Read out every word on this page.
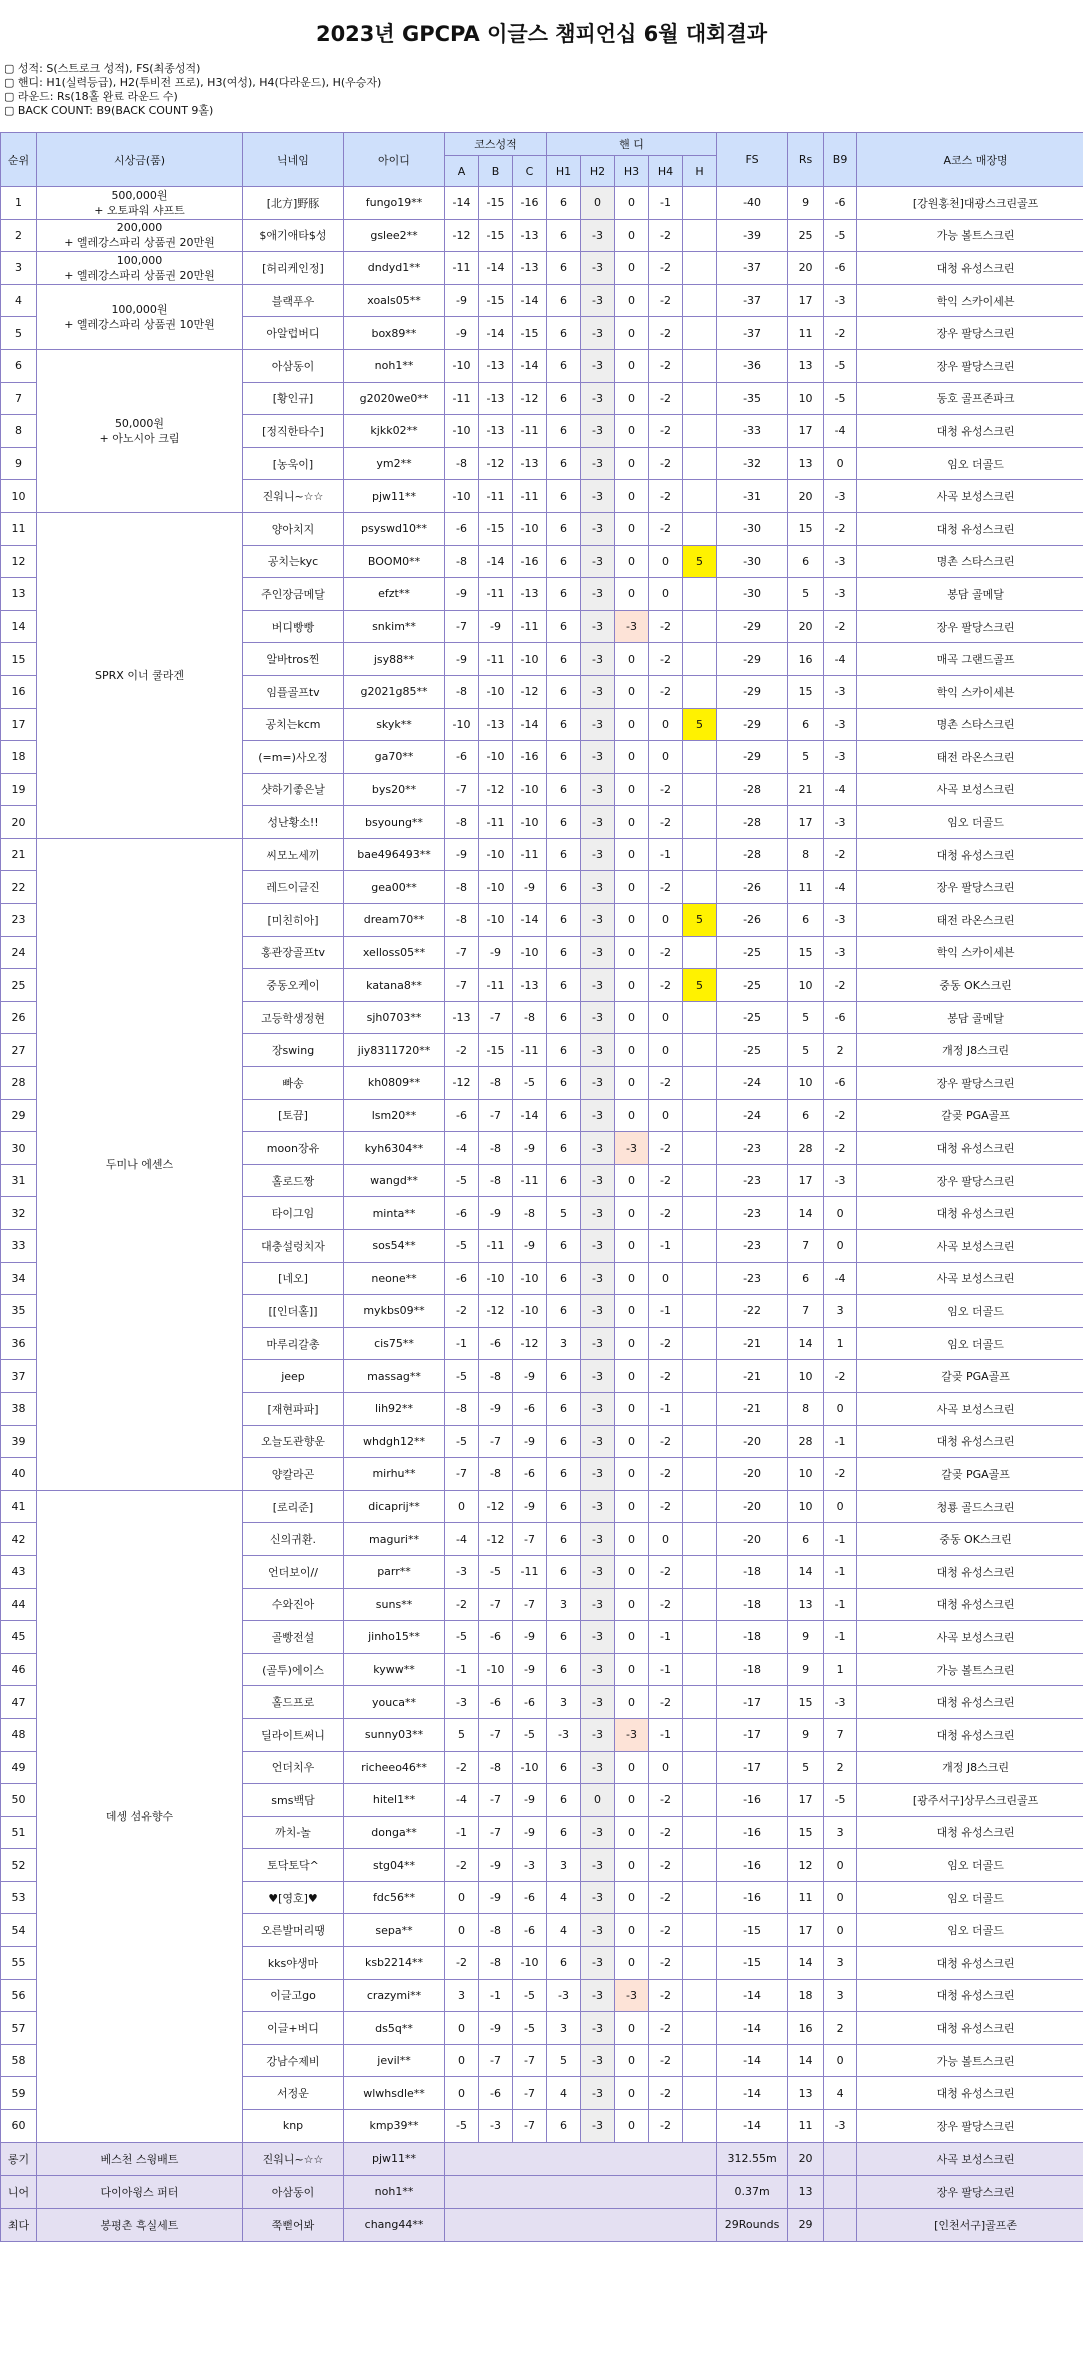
2023년 GPCPA 이글스 챔피언십 6월 대회결과
▢ 성적: S(스트로크 성적), FS(최종성적)
▢ 핸디: H1(실력등급), H2(투비전 프로), H3(여성), H4(다라운드), H(우승자)
▢ 라운드: Rs(18홀 완료 라운드 수)
▢ BACK COUNT: B9(BACK COUNT 9홀)
순위	시상금(품)	닉네임	아이디	코스성적			핸 디					FS	Rs	B9	A코스 매장명
				A	B	C	H1	H2	H3	H4	H				
1	500,000원
+ 오토파워 샤프트	[北方]野豚	fungo19**	-14	-15	-16	6	0	0	-1		-40	9	-6	[강원홍천]대광스크린골프
2	200,000
+ 엘레강스파리 상품권 20만원	$애기애타$성	gslee2**	-12	-15	-13	6	-3	0	-2		-39	25	-5	가능 볼트스크린
3	100,000
+ 엘레강스파리 상품권 20만원	[허리케인정]	dndyd1**	-11	-14	-13	6	-3	0	-2		-37	20	-6	대청 유성스크린
4	100,000원
+ 엘레강스파리 상품권 10만원	블랙푸우	xoals05**	-9	-15	-14	6	-3	0	-2		-37	17	-3	학익 스카이세븐
5		아알럽버디	box89**	-9	-14	-15	6	-3	0	-2		-37	11	-2	장우 팔당스크린
6	50,000원
+ 아노시아 크림	아삼동이	noh1**	-10	-13	-14	6	-3	0	-2		-36	13	-5	장우 팔당스크린
7		[황인규]	g2020we0**	-11	-13	-12	6	-3	0	-2		-35	10	-5	동호 골프존파크
8		[정직한타수]	kjkk02**	-10	-13	-11	6	-3	0	-2		-33	17	-4	대청 유성스크린
9		[농욱이]	ym2**	-8	-12	-13	6	-3	0	-2		-32	13	0	임오 더골드
10		진워니~☆☆	pjw11**	-10	-11	-11	6	-3	0	-2		-31	20	-3	사곡 보성스크린
11	SPRX 이너 쿨라겐	양아치지	psyswd10**	-6	-15	-10	6	-3	0	-2		-30	15	-2	대청 유성스크린
12		공치는kyc	BOOM0**	-8	-14	-16	6	-3	0	0	5	-30	6	-3	명촌 스타스크린
13		주인장금메달	efzt**	-9	-11	-13	6	-3	0	0		-30	5	-3	봉담 골메달
14		버디빵빵	snkim**	-7	-9	-11	6	-3	-3	-2		-29	20	-2	장우 팔당스크린
15		알바tros찐	jsy88**	-9	-11	-10	6	-3	0	-2		-29	16	-4	매곡 그랜드골프
16		임플골프tv	g2021g85**	-8	-10	-12	6	-3	0	-2		-29	15	-3	학익 스카이세븐
17		공치는kcm	skyk**	-10	-13	-14	6	-3	0	0	5	-29	6	-3	명촌 스타스크린
18		(=m=)사오정	ga70**	-6	-10	-16	6	-3	0	0		-29	5	-3	태전 라온스크린
19		샷하기좋은날	bys20**	-7	-12	-10	6	-3	0	-2		-28	21	-4	사곡 보성스크린
20		성난황소!!	bsyoung**	-8	-11	-10	6	-3	0	-2		-28	17	-3	임오 더골드
21	두미나 에센스	씨모노세끼	bae496493**	-9	-10	-11	6	-3	0	-1		-28	8	-2	대청 유성스크린
22		레드이글진	gea00**	-8	-10	-9	6	-3	0	-2		-26	11	-4	장우 팔당스크린
23		[미친히아]	dream70**	-8	-10	-14	6	-3	0	0	5	-26	6	-3	태전 라온스크린
24		홍관장골프tv	xelloss05**	-7	-9	-10	6	-3	0	-2		-25	15	-3	학익 스카이세븐
25		중동오케이	katana8**	-7	-11	-13	6	-3	0	-2	5	-25	10	-2	중동 OK스크린
26		고등학생정현	sjh0703**	-13	-7	-8	6	-3	0	0		-25	5	-6	봉담 골메달
27		장swing	jiy8311720**	-2	-15	-11	6	-3	0	0		-25	5	2	개정 J8스크린
28		빠송	kh0809**	-12	-8	-5	6	-3	0	-2		-24	10	-6	장우 팔당스크린
29		[토끔]	lsm20**	-6	-7	-14	6	-3	0	0		-24	6	-2	갈곶 PGA골프
30		moon장유	kyh6304**	-4	-8	-9	6	-3	-3	-2		-23	28	-2	대청 유성스크린
31		홀로드짱	wangd**	-5	-8	-11	6	-3	0	-2		-23	17	-3	장우 팔당스크린
32		타이그임	minta**	-6	-9	-8	5	-3	0	-2		-23	14	0	대청 유성스크린
33		대충설렁치자	sos54**	-5	-11	-9	6	-3	0	-1		-23	7	0	사곡 보성스크린
34		[네오]	neone**	-6	-10	-10	6	-3	0	0		-23	6	-4	사곡 보성스크린
35		[[인더홀]]	mykbs09**	-2	-12	-10	6	-3	0	-1		-22	7	3	임오 더골드
36		마루리갈총	cis75**	-1	-6	-12	3	-3	0	-2		-21	14	1	임오 더골드
37		jeep	massag**	-5	-8	-9	6	-3	0	-2		-21	10	-2	갈곶 PGA골프
38		[재현파파]	lih92**	-8	-9	-6	6	-3	0	-1		-21	8	0	사곡 보성스크린
39		오늘도관향운	whdgh12**	-5	-7	-9	6	-3	0	-2		-20	28	-1	대청 유성스크린
40		양칼라곤	mirhu**	-7	-8	-6	6	-3	0	-2		-20	10	-2	갈곶 PGA골프
41	데셍 섬유향수	[로리준]	dicaprij**	0	-12	-9	6	-3	0	-2		-20	10	0	청룡 골드스크린
42		신의귀환.	maguri**	-4	-12	-7	6	-3	0	0		-20	6	-1	중동 OK스크린
43		언더보이//	parr**	-3	-5	-11	6	-3	0	-2		-18	14	-1	대청 유성스크린
44		수와진아	suns**	-2	-7	-7	3	-3	0	-2		-18	13	-1	대청 유성스크린
45		골빵전설	jinho15**	-5	-6	-9	6	-3	0	-1		-18	9	-1	사곡 보성스크린
46		(골투)에이스	kyww**	-1	-10	-9	6	-3	0	-1		-18	9	1	가능 볼트스크린
47		홀드프로	youca**	-3	-6	-6	3	-3	0	-2		-17	15	-3	대청 유성스크린
48		딜라이트써니	sunny03**	5	-7	-5	-3	-3	-3	-1		-17	9	7	대청 유성스크린
49		언더치우	richeeo46**	-2	-8	-10	6	-3	0	0		-17	5	2	개정 J8스크린
50		sms백담	hitel1**	-4	-7	-9	6	0	0	-2		-16	17	-5	[광주서구]상무스크린골프
51		까치-놀	donga**	-1	-7	-9	6	-3	0	-2		-16	15	3	대청 유성스크린
52		토닥토닥^	stg04**	-2	-9	-3	3	-3	0	-2		-16	12	0	임오 더골드
53		♥[영호]♥	fdc56**	0	-9	-6	4	-3	0	-2		-16	11	0	임오 더골드
54		오른발머리땡	sepa**	0	-8	-6	4	-3	0	-2		-15	17	0	임오 더골드
55		kks야생마	ksb2214**	-2	-8	-10	6	-3	0	-2		-15	14	3	대청 유성스크린
56		이글고go	crazymi**	3	-1	-5	-3	-3	-3	-2		-14	18	3	대청 유성스크린
57		이글+버디	ds5q**	0	-9	-5	3	-3	0	-2		-14	16	2	대청 유성스크린
58		강남수제비	jevil**	0	-7	-7	5	-3	0	-2		-14	14	0	가능 볼트스크린
59		서정운	wlwhsdle**	0	-6	-7	4	-3	0	-2		-14	13	4	대청 유성스크린
60		knp	kmp39**	-5	-3	-7	6	-3	0	-2		-14	11	-3	장우 팔당스크린
롱기	베스천 스윙배트	진워니~☆☆	pjw11**									312.55m	20		사곡 보성스크린
니어	다이아윙스 퍼터	아삼동이	noh1**									0.37m	13		장우 팔당스크린
최다	봉평촌 흑실세트	쭉뻗어봐	chang44**									29Rounds	29		[인천서구]골프존
